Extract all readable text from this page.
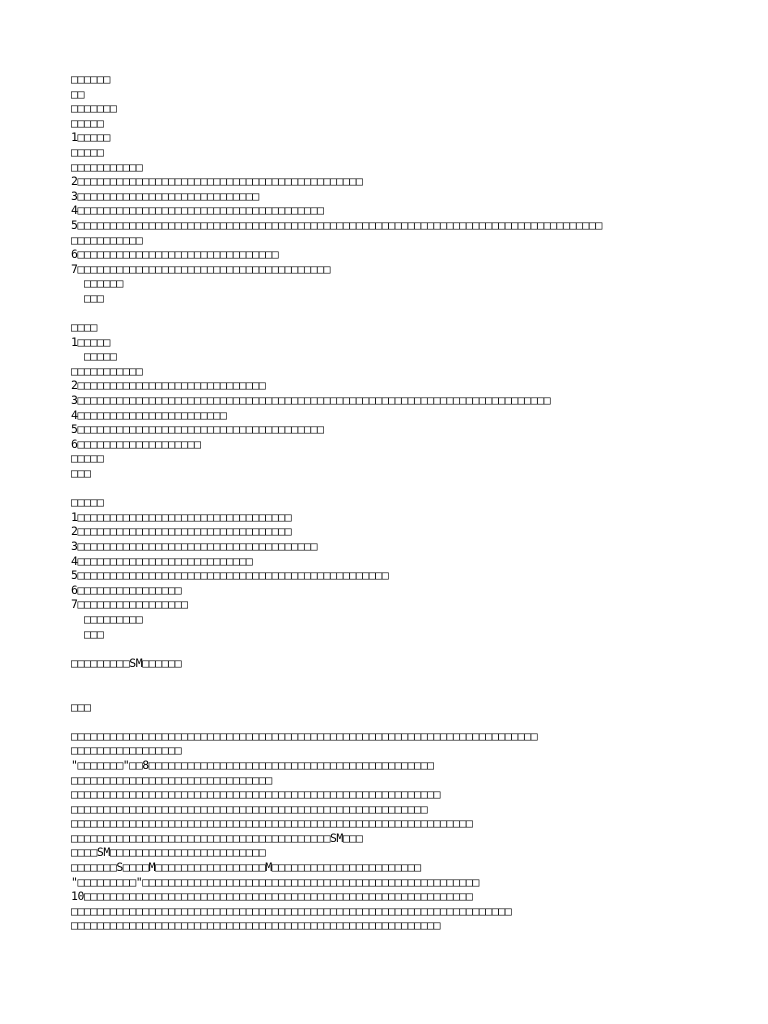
□□□□□□
□□
□□□□□□□
□□□□□
1□□□□□
□□□□□
□□□□□□□□□□□
2□□□□□□□□□□□□□□□□□□□□□□□□□□□□□□□□□□□□□□□□□□□□
3□□□□□□□□□□□□□□□□□□□□□□□□□□□□
4□□□□□□□□□□□□□□□□□□□□□□□□□□□□□□□□□□□□□□
5□□□□□□□□□□□□□□□□□□□□□□□□□□□□□□□□□□□□□□□□□□□□□□□□□□□□□□□□□□□□□□□□□□□□□□□□□□□□□□□□□
□□□□□□□□□□□
6□□□□□□□□□□□□□□□□□□□□□□□□□□□□□□□
7□□□□□□□□□□□□□□□□□□□□□□□□□□□□□□□□□□□□□□□
□□□□□□
□□□
□□□□
1□□□□□
□□□□□
□□□□□□□□□□□
2□□□□□□□□□□□□□□□□□□□□□□□□□□□□□
3□□□□□□□□□□□□□□□□□□□□□□□□□□□□□□□□□□□□□□□□□□□□□□□□□□□□□□□□□□□□□□□□□□□□□□□□□
4□□□□□□□□□□□□□□□□□□□□□□□
5□□□□□□□□□□□□□□□□□□□□□□□□□□□□□□□□□□□□□□
6□□□□□□□□□□□□□□□□□□□
□□□□□
□□□
□□□□□
1□□□□□□□□□□□□□□□□□□□□□□□□□□□□□□□□□
2□□□□□□□□□□□□□□□□□□□□□□□□□□□□□□□□□
3□□□□□□□□□□□□□□□□□□□□□□□□□□□□□□□□□□□□□
4□□□□□□□□□□□□□□□□□□□□□□□□□□□
5□□□□□□□□□□□□□□□□□□□□□□□□□□□□□□□□□□□□□□□□□□□□□□□□
6□□□□□□□□□□□□□□□□
7□□□□□□□□□□□□□□□□□
□□□□□□□□□
□□□
□□□□□□□□□SM□□□□□□
□□□
□□□□□□□□□□□□□□□□□□□□□□□□□□□□□□□□□□□□□□□□□□□□□□□□□□□□□□□□□□□□□□□□□□□□□□□□
□□□□□□□□□□□□□□□□□
"□□□□□□□"□□8□□□□□□□□□□□□□□□□□□□□□□□□□□□□□□□□□□□□□□□□□□□□
□□□□□□□□□□□□□□□□□□□□□□□□□□□□□□□
□□□□□□□□□□□□□□□□□□□□□□□□□□□□□□□□□□□□□□□□□□□□□□□□□□□□□□□□□
□□□□□□□□□□□□□□□□□□□□□□□□□□□□□□□□□□□□□□□□□□□□□□□□□□□□□□□
□□□□□□□□□□□□□□□□□□□□□□□□□□□□□□□□□□□□□□□□□□□□□□□□□□□□□□□□□□□□□□
□□□□□□□□□□□□□□□□□□□□□□□□□□□□□□□□□□□□□□□□SM□□□
□□□□SM□□□□□□□□□□□□□□□□□□□□□□□□
□□□□□□□S□□□□M□□□□□□□□□□□□□□□□□M□□□□□□□□□□□□□□□□□□□□□□□
"□□□□□□□□□"□□□□□□□□□□□□□□□□□□□□□□□□□□□□□□□□□□□□□□□□□□□□□□□□□□□□
10□□□□□□□□□□□□□□□□□□□□□□□□□□□□□□□□□□□□□□□□□□□□□□□□□□□□□□□□□□□□
□□□□□□□□□□□□□□□□□□□□□□□□□□□□□□□□□□□□□□□□□□□□□□□□□□□□□□□□□□□□□□□□□□□□
□□□□□□□□□□□□□□□□□□□□□□□□□□□□□□□□□□□□□□□□□□□□□□□□□□□□□□□□□
